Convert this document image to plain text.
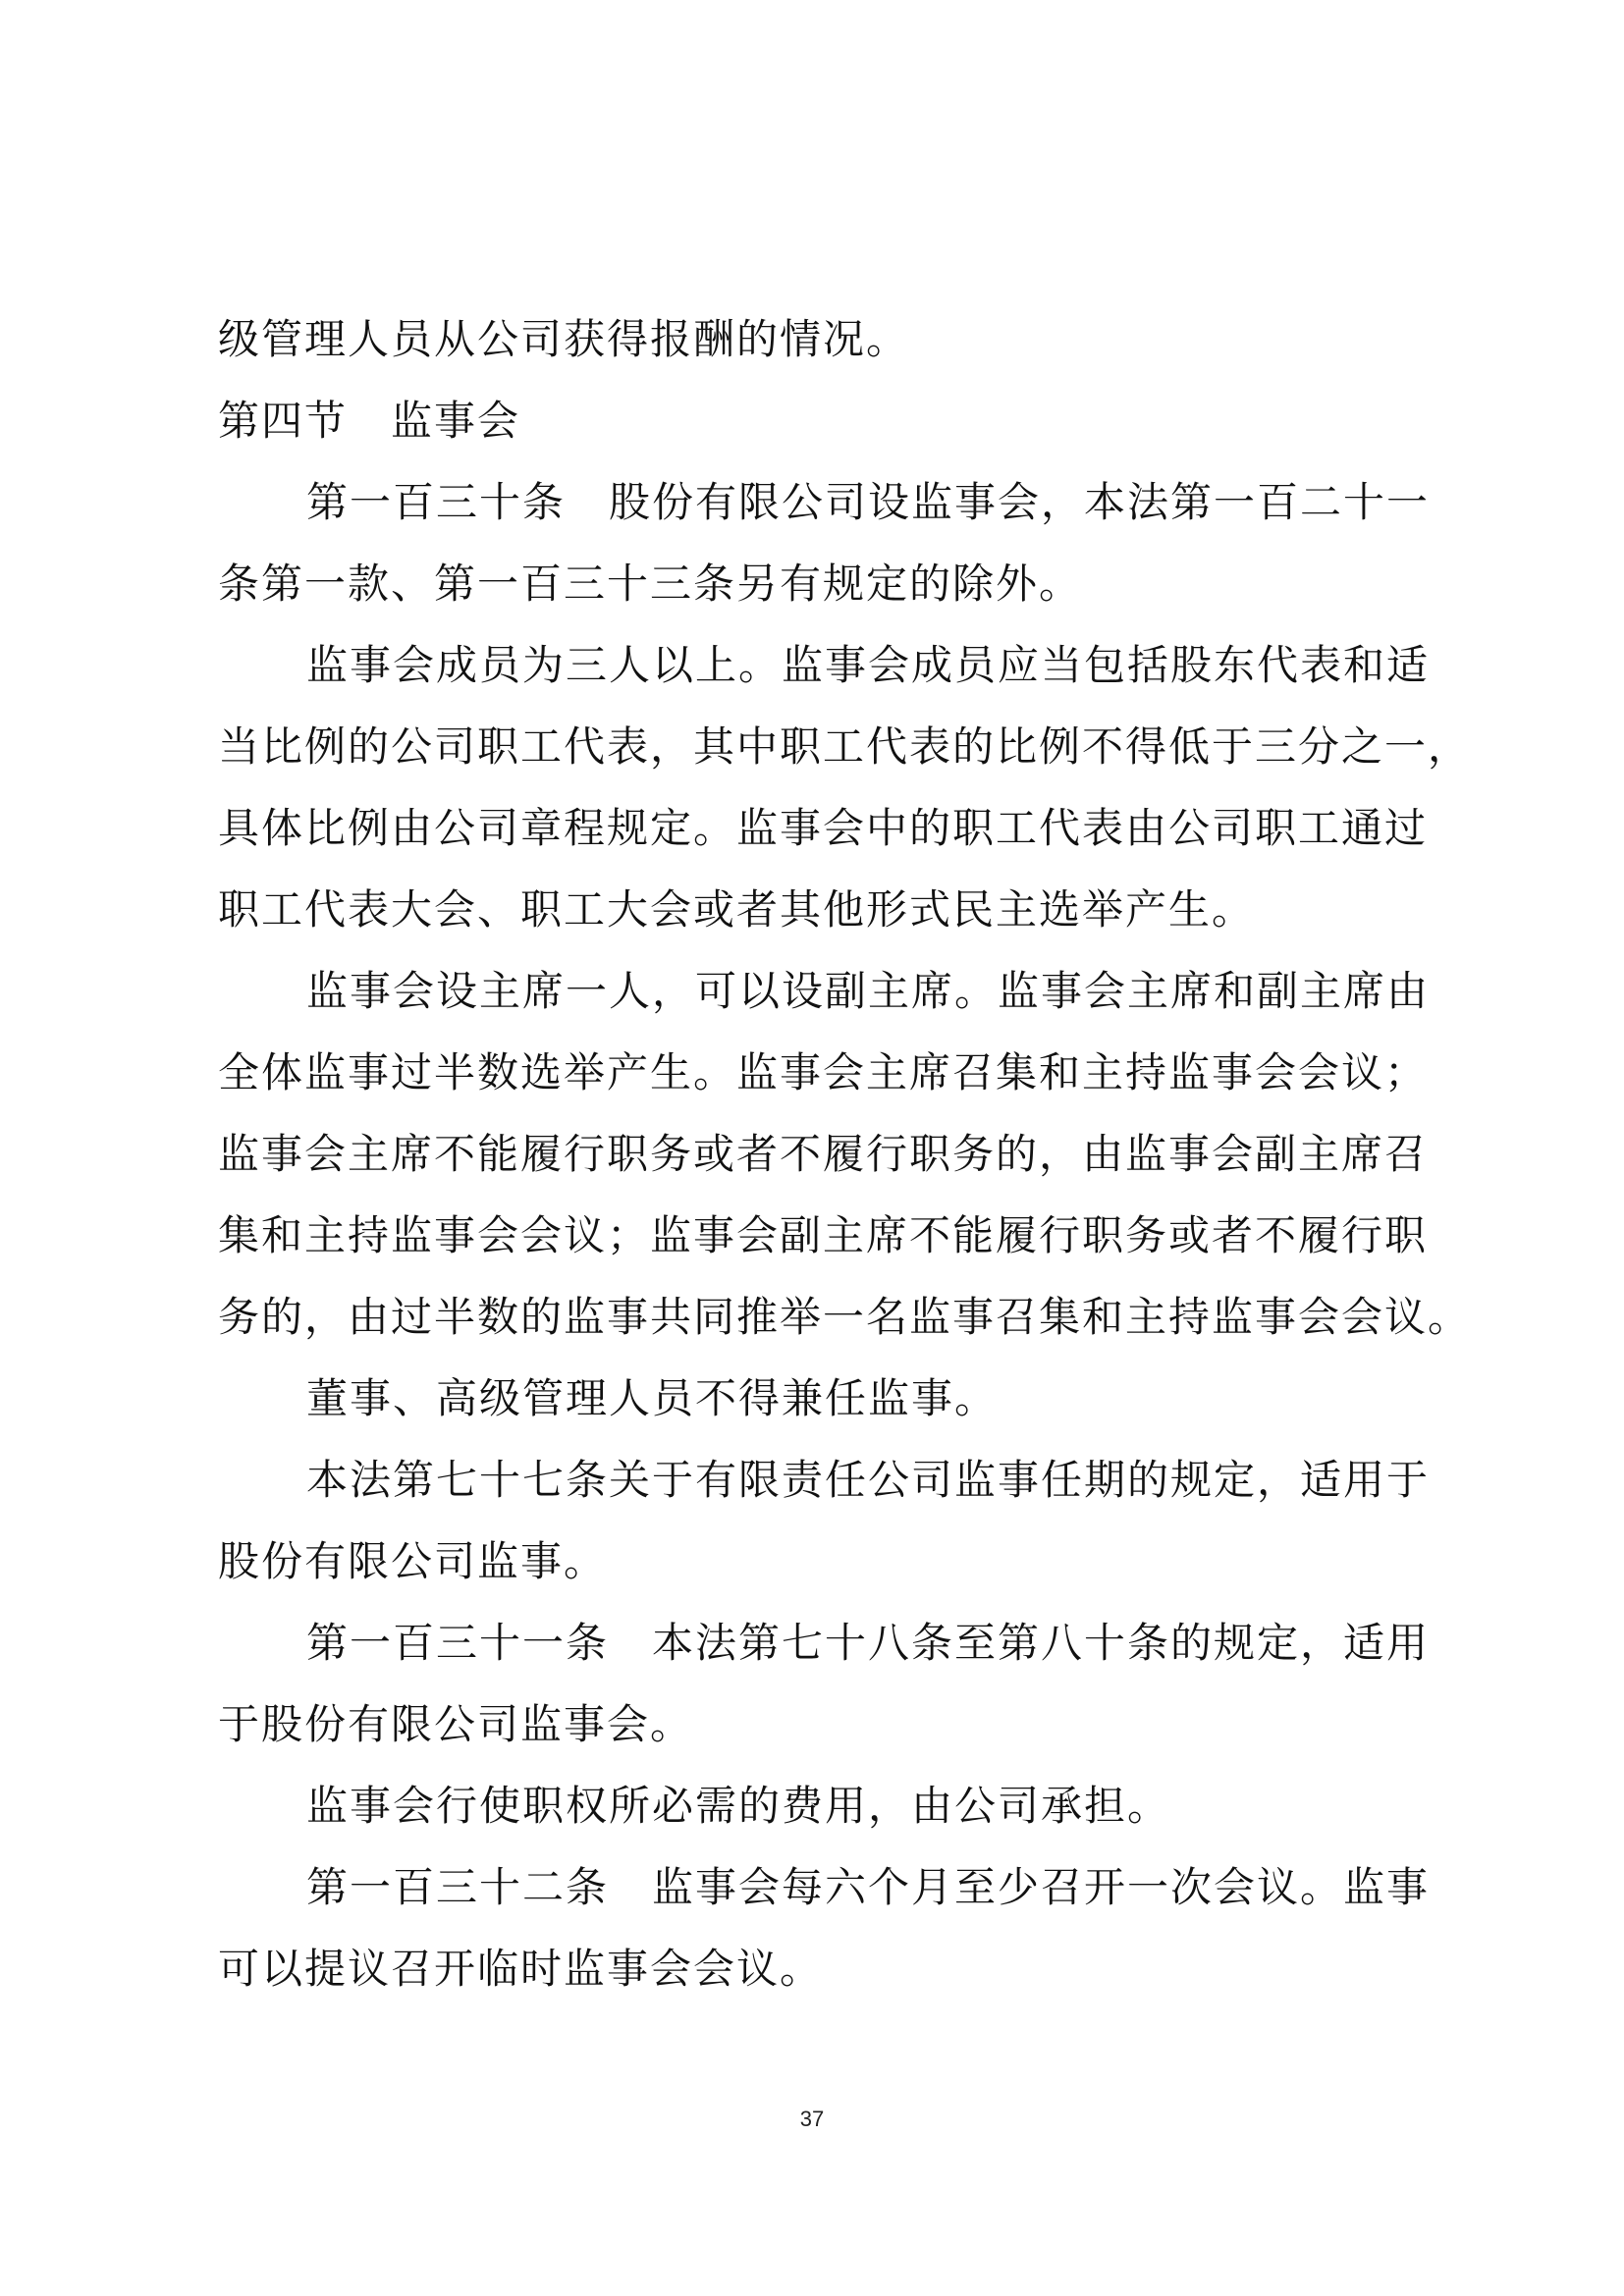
级管理人员从公司获得报酬的情况。
第四节　监事会
第一百三十条　股份有限公司设监事会，本法第一百二十一
条第一款、第一百三十三条另有规定的除外。
监事会成员为三人以上。监事会成员应当包括股东代表和适
当比例的公司职工代表，其中职工代表的比例不得低于三分之一，
具体比例由公司章程规定。监事会中的职工代表由公司职工通过
职工代表大会、职工大会或者其他形式民主选举产生。
监事会设主席一人，可以设副主席。监事会主席和副主席由
全体监事过半数选举产生。监事会主席召集和主持监事会会议；
监事会主席不能履行职务或者不履行职务的，由监事会副主席召
集和主持监事会会议；监事会副主席不能履行职务或者不履行职
务的，由过半数的监事共同推举一名监事召集和主持监事会会议。
董事、高级管理人员不得兼任监事。
本法第七十七条关于有限责任公司监事任期的规定，适用于
股份有限公司监事。
第一百三十一条　本法第七十八条至第八十条的规定，适用
于股份有限公司监事会。
监事会行使职权所必需的费用，由公司承担。
第一百三十二条　监事会每六个月至少召开一次会议。监事
可以提议召开临时监事会会议。
37
